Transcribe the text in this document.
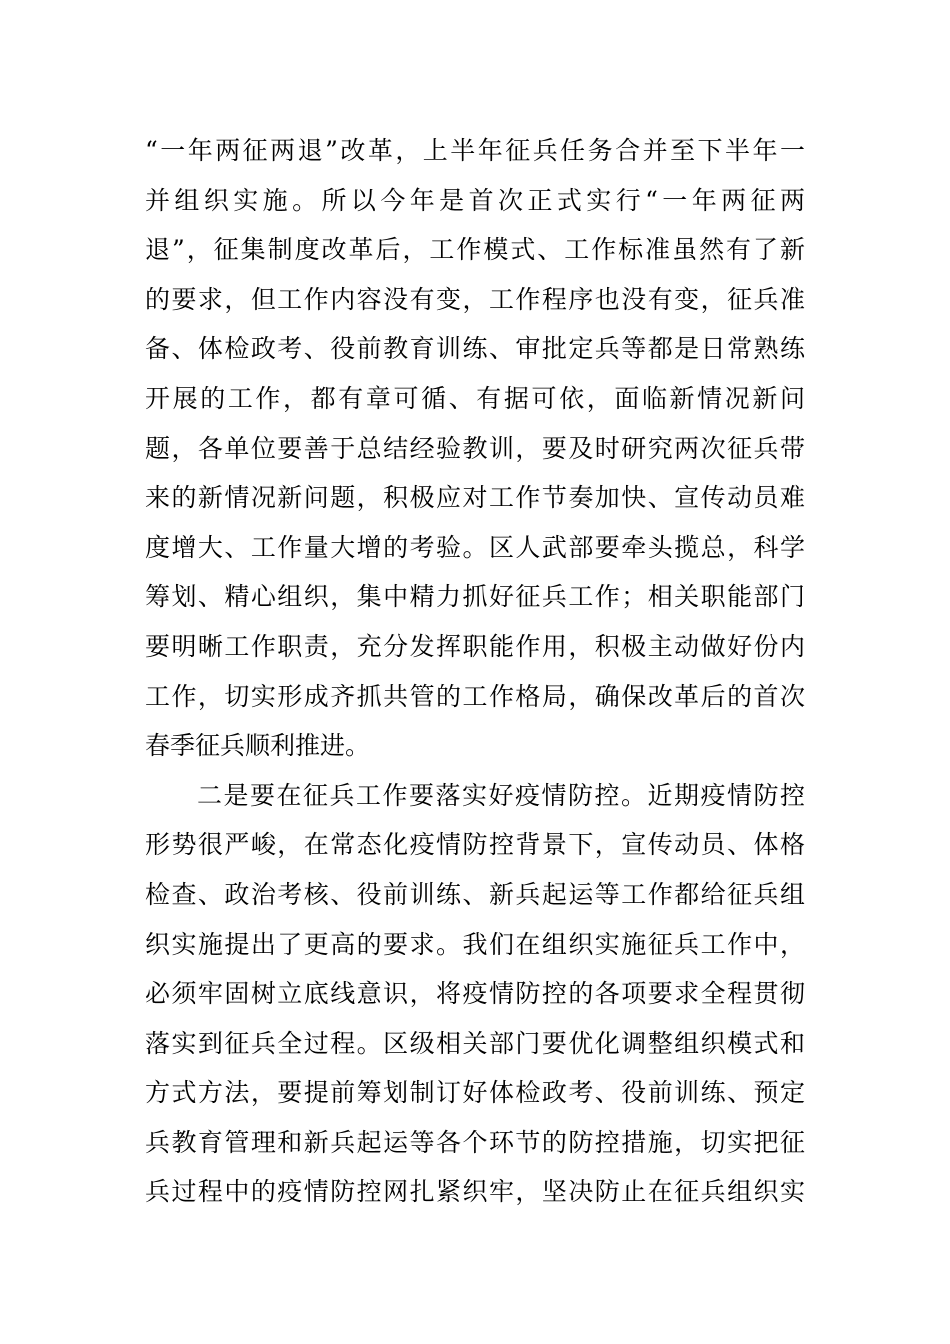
“一年两征两退”改革，上半年征兵任务合并至下半年一
并组织实施。所以今年是首次正式实行“一年两征两
退”，征集制度改革后，工作模式、工作标准虽然有了新
的要求，但工作内容没有变，工作程序也没有变，征兵准
备、体检政考、役前教育训练、审批定兵等都是日常熟练
开展的工作，都有章可循、有据可依，面临新情况新问
题，各单位要善于总结经验教训，要及时研究两次征兵带
来的新情况新问题，积极应对工作节奏加快、宣传动员难
度增大、工作量大增的考验。区人武部要牵头揽总，科学
筹划、精心组织，集中精力抓好征兵工作；相关职能部门
要明晰工作职责，充分发挥职能作用，积极主动做好份内
工作，切实形成齐抓共管的工作格局，确保改革后的首次
春季征兵顺利推进。
二是要在征兵工作要落实好疫情防控。近期疫情防控
形势很严峻，在常态化疫情防控背景下，宣传动员、体格
检查、政治考核、役前训练、新兵起运等工作都给征兵组
织实施提出了更高的要求。我们在组织实施征兵工作中，
必须牢固树立底线意识，将疫情防控的各项要求全程贯彻
落实到征兵全过程。区级相关部门要优化调整组织模式和
方式方法，要提前筹划制订好体检政考、役前训练、预定
兵教育管理和新兵起运等各个环节的防控措施，切实把征
兵过程中的疫情防控网扎紧织牢，坚决防止在征兵组织实
